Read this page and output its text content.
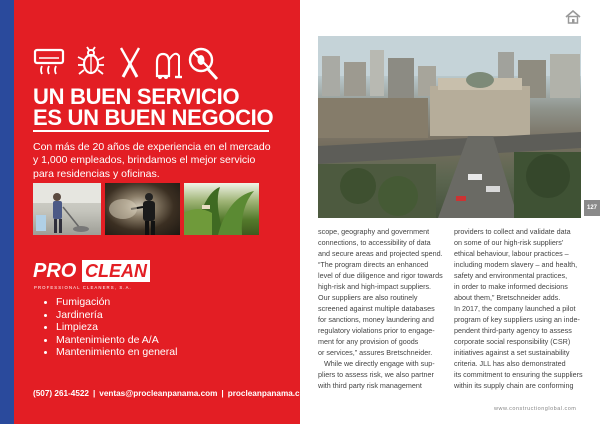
UN BUEN SERVICIO
ES UN BUEN NEGOCIO
Con más de 20 años de experiencia en el mercado
y 1,000 empleados, brindamos el mejor servicio
para residencias y oficinas.
PRO CLEAN
PROFESSIONAL CLEANERS, S.A.
Fumigación
Jardinería
Limpieza
Mantenimiento de A/A
Mantenimiento en general
(507) 261-4522 | ventas@procleanpanama.com | procleanpanama.com
127

scope, geography and government

connections, to accessibility of data

and secure areas and projected spend.

“The program directs an enhanced

level of due diligence and rigor towards

high-risk and high-impact suppliers.

Our suppliers are also routinely

screened against multiple databases

for sanctions, money laundering and

regulatory violations prior to engage-

ment for any provision of goods

or services,” assures Bretschneider.

While we directly engage with sup-

pliers to assess risk, we also partner

with third party risk management

providers to collect and validate data

on some of our high-risk suppliers’

ethical behaviour, labour practices –

including modern slavery – and health,

safety and environmental practices,

in order to make informed decisions

about them,” Bretschneider adds.

In 2017, the company launched a pilot

program of key suppliers using an inde-

pendent third-party agency to assess

corporate social responsibility (CSR)

initiatives against a set sustainability

criteria. JLL has also demonstrated

its commitment to ensuring the suppliers

within its supply chain are conforming

www.constructionglobal.com
